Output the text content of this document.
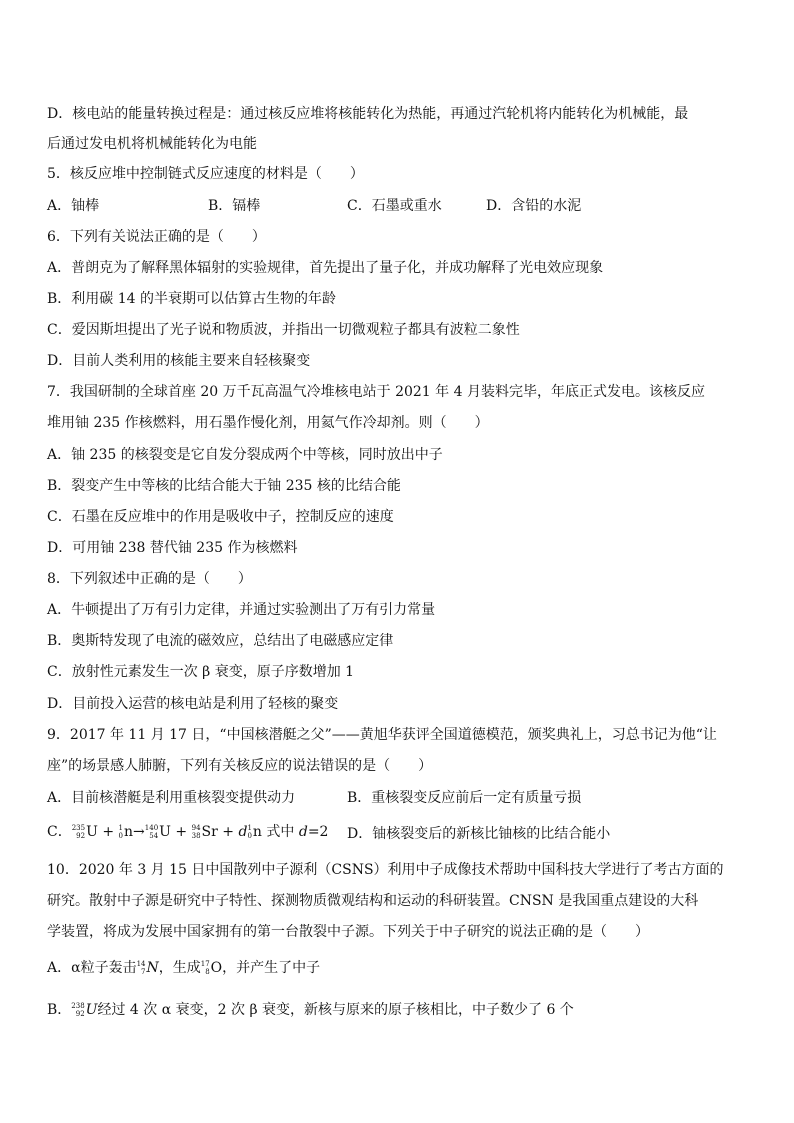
D．核电站的能量转换过程是：通过核反应堆将核能转化为热能，再通过汽轮机将内能转化为机械能，最
后通过发电机将机械能转化为电能
5．核反应堆中控制链式反应速度的材料是（　　）
A．铀棒	B．镉棒	C．石墨或重水	D．含铅的水泥
6．下列有关说法正确的是（　　）
A．普朗克为了解释黑体辐射的实验规律，首先提出了量子化，并成功解释了光电效应现象
B．利用碳 14 的半衰期可以估算古生物的年龄
C．爱因斯坦提出了光子说和物质波，并指出一切微观粒子都具有波粒二象性
D．目前人类利用的核能主要来自轻核聚变
7．我国研制的全球首座 20 万千瓦高温气冷堆核电站于 2021 年 4 月装料完毕，年底正式发电。该核反应
堆用铀 235 作核燃料，用石墨作慢化剂，用氦气作冷却剂。则（　　）
A．铀 235 的核裂变是它自发分裂成两个中等核，同时放出中子
B．裂变产生中等核的比结合能大于铀 235 核的比结合能
C．石墨在反应堆中的作用是吸收中子，控制反应的速度
D．可用铀 238 替代铀 235 作为核燃料
8．下列叙述中正确的是（　　）
A．牛顿提出了万有引力定律，并通过实验测出了万有引力常量
B．奥斯特发现了电流的磁效应，总结出了电磁感应定律
C．放射性元素发生一次 β 衰变，原子序数增加 1
D．目前投入运营的核电站是利用了轻核的聚变
9．2017 年 11 月 17 日，“中国核潜艇之父”——黄旭华获评全国道德模范，颁奖典礼上，习总书记为他“让
座”的场景感人肺腑，下列有关核反应的说法错误的是（　　）
A．目前核潜艇是利用重核裂变提供动力	B．重核裂变反应前后一定有质量亏损
C． 235
92 U + 1
0 n→ 140
54 U + 94
38 Sr + d 1
0 n 式中 d=2 D．铀核裂变后的新核比铀核的比结合能小
10．2020 年 3 月 15 日中国散列中子源利（CSNS）利用中子成像技术帮助中国科技大学进行了考古方面的
研究。散射中子源是研究中子特性、探测物质微观结构和运动的科研装置。CNSN 是我国重点建设的大科
学装置，将成为发展中国家拥有的第一台散裂中子源。下列关于中子研究的说法正确的是（　　）
A．α粒子轰击 14
7 N，生成 17
8 O，并产生了中子
B． 238
92 U经过 4 次 α 衰变，2 次 β 衰变，新核与原来的原子核相比，中子数少了 6 个
